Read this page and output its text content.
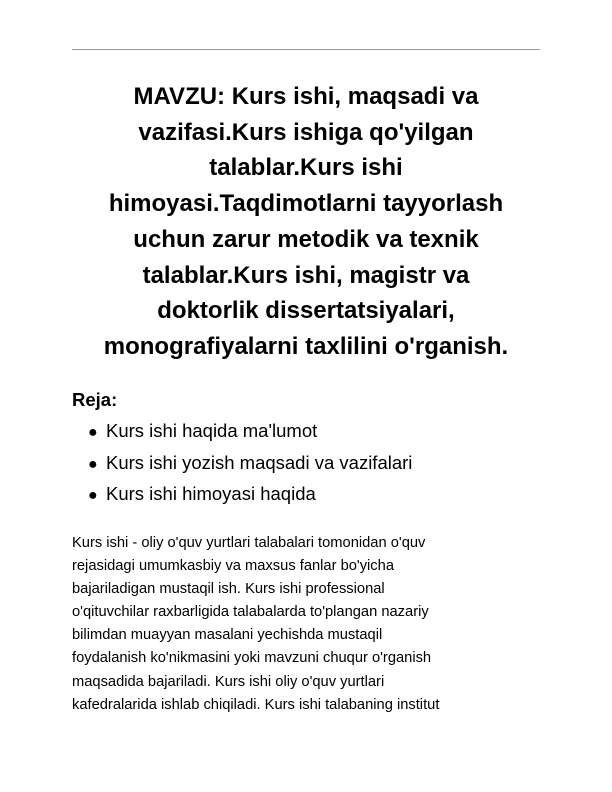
MAVZU: Kurs ishi, maqsadi va
vazifasi.Kurs ishiga qo'yilgan
talablar.Kurs ishi
himoyasi.Taqdimotlarni tayyorlash
uchun zarur metodik va texnik
talablar.Kurs ishi, magistr va
doktorlik dissertatsiyalari,
monografiyalarni taxlilini o'rganish.
Reja:
● Kurs ishi haqida ma'lumot
● Kurs ishi yozish maqsadi va vazifalari
● Kurs ishi himoyasi haqida

Kurs ishi - oliy o'quv yurtlari talabalari tomonidan o'quv
rejasidagi umumkasbiy va maxsus fanlar bo'yicha
bajariladigan mustaqil ish. Kurs ishi professional
o'qituvchilar raxbarligida talabalarda to'plangan nazariy
bilimdan muayyan masalani yechishda mustaqil
foydalanish ko'nikmasini yoki mavzuni chuqur o'rganish
maqsadida bajariladi. Kurs ishi oliy o'quv yurtlari
kafedralarida ishlab chiqiladi. Kurs ishi talabaning institut
